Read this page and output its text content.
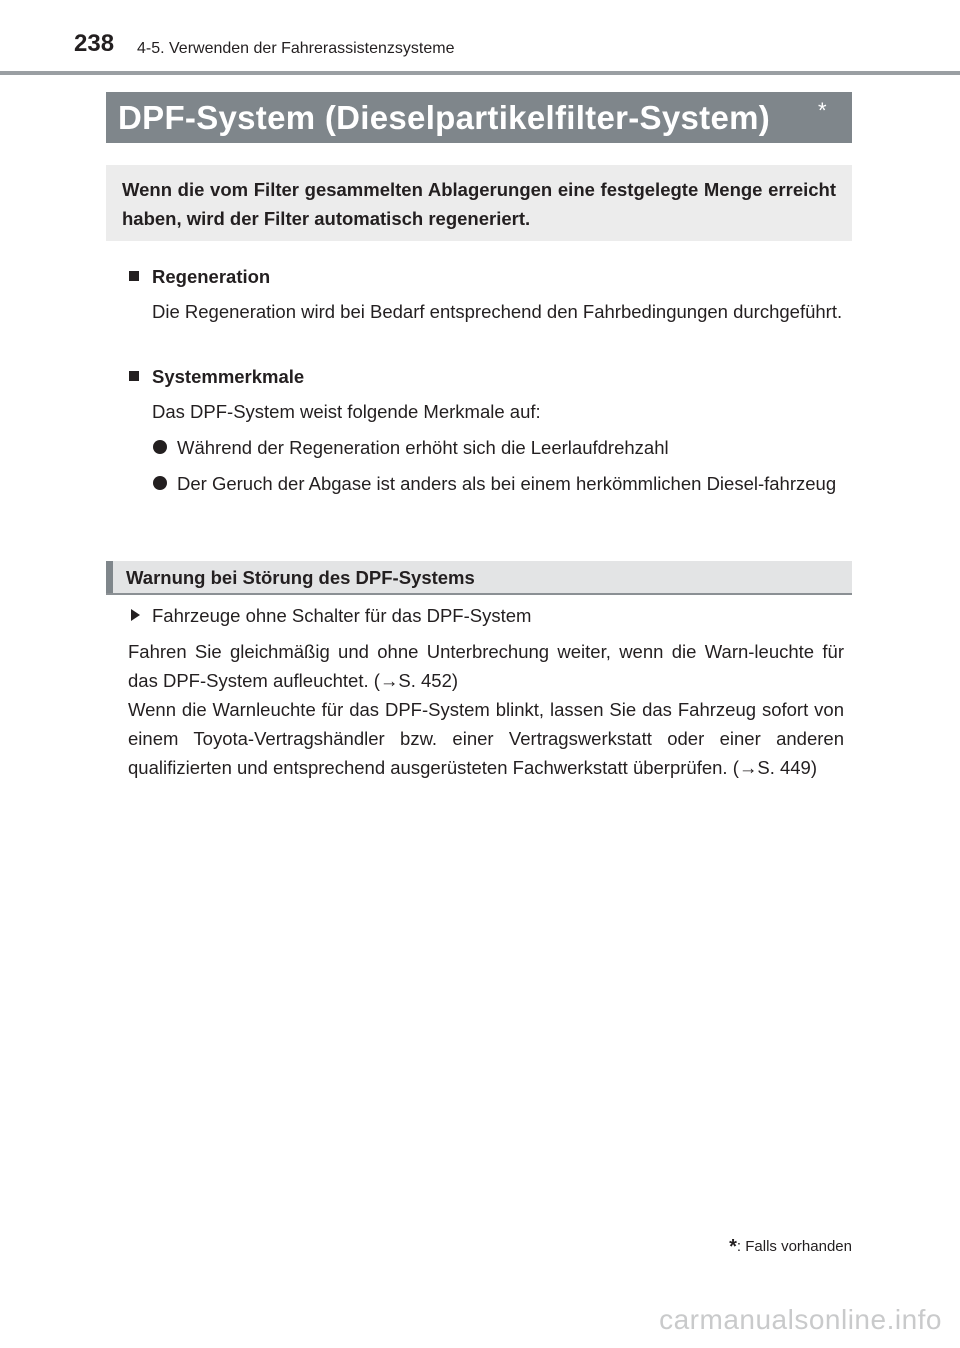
238 4-5. Verwenden der Fahrerassistenzsysteme
DPF-System (Dieselpartikelfilter-System) *
Wenn die vom Filter gesammelten Ablagerungen eine festgelegte Menge erreicht haben, wird der Filter automatisch regeneriert.
Regeneration
Die Regeneration wird bei Bedarf entsprechend den Fahrbedingungen durchgeführt.
Systemmerkmale
Das DPF-System weist folgende Merkmale auf:
Während der Regeneration erhöht sich die Leerlaufdrehzahl
Der Geruch der Abgase ist anders als bei einem herkömmlichen Diesel-fahrzeug
Warnung bei Störung des DPF-Systems
Fahrzeuge ohne Schalter für das DPF-System
Fahren Sie gleichmäßig und ohne Unterbrechung weiter, wenn die Warn-leuchte für das DPF-System aufleuchtet. (→S. 452)
Wenn die Warnleuchte für das DPF-System blinkt, lassen Sie das Fahrzeug sofort von einem Toyota-Vertragshändler bzw. einer Vertragswerkstatt oder einer anderen qualifizierten und entsprechend ausgerüsteten Fachwerkstatt überprüfen. (→S. 449)
*: Falls vorhanden
carmanualsonline.info
